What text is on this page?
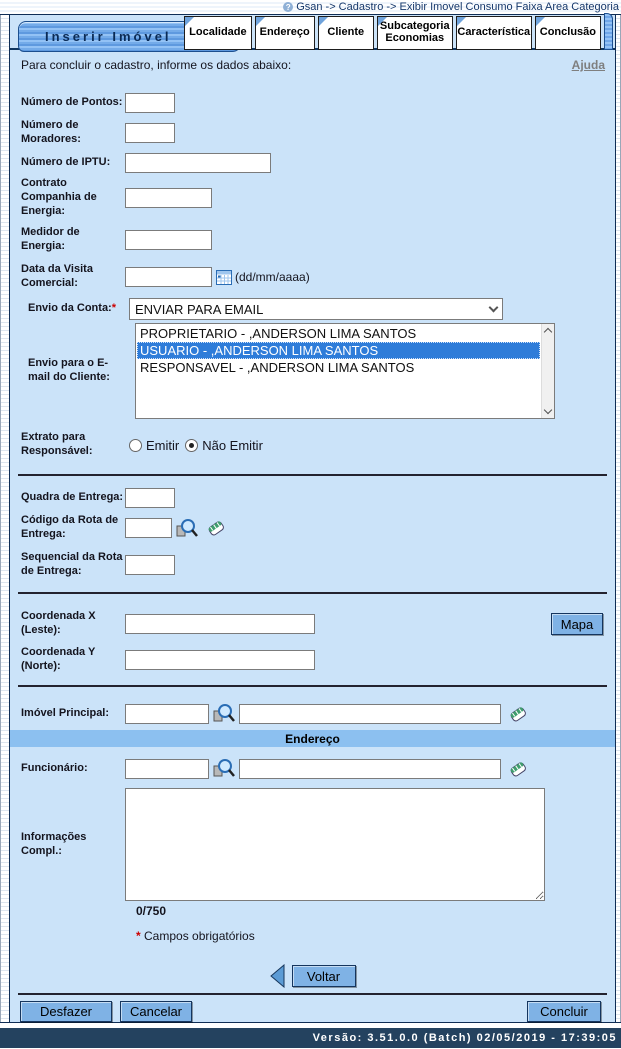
? Gsan -> Cadastro -> Exibir Imovel Consumo Faixa Area Categoria
Inserir Imóvel	Localidade	Endereço	Cliente	Subcategoria Economias	Característica Conclusão
Para concluir o cadastro, informe os dados abaixo:	Ajuda
Número de Pontos:
Número de Moradores:
Número de IPTU:
Contrato Companhia de Energia:
Medidor de Energia:
Data da Visita Comercial:	(dd/mm/aaaa)
Envio da Conta:*	ENVIAR PARA EMAIL
Envio para o E-mail do Cliente:
PROPRIETARIO - ,ANDERSON LIMA SANTOS
USUARIO - ,ANDERSON LIMA SANTOS
RESPONSAVEL - ,ANDERSON LIMA SANTOS
Extrato para Responsável:	Emitir Não Emitir
Quadra de Entrega:
Código da Rota de Entrega:
Sequencial da Rota de Entrega:
Coordenada X (Leste):	Mapa
Coordenada Y (Norte):
Imóvel Principal:
Endereço
Funcionário:
Informações Compl.:
0/750
* Campos obrigatórios
Voltar
Desfazer	Cancelar	Concluir
Versão: 3.51.0.0 (Batch) 02/05/2019 - 17:39:05
